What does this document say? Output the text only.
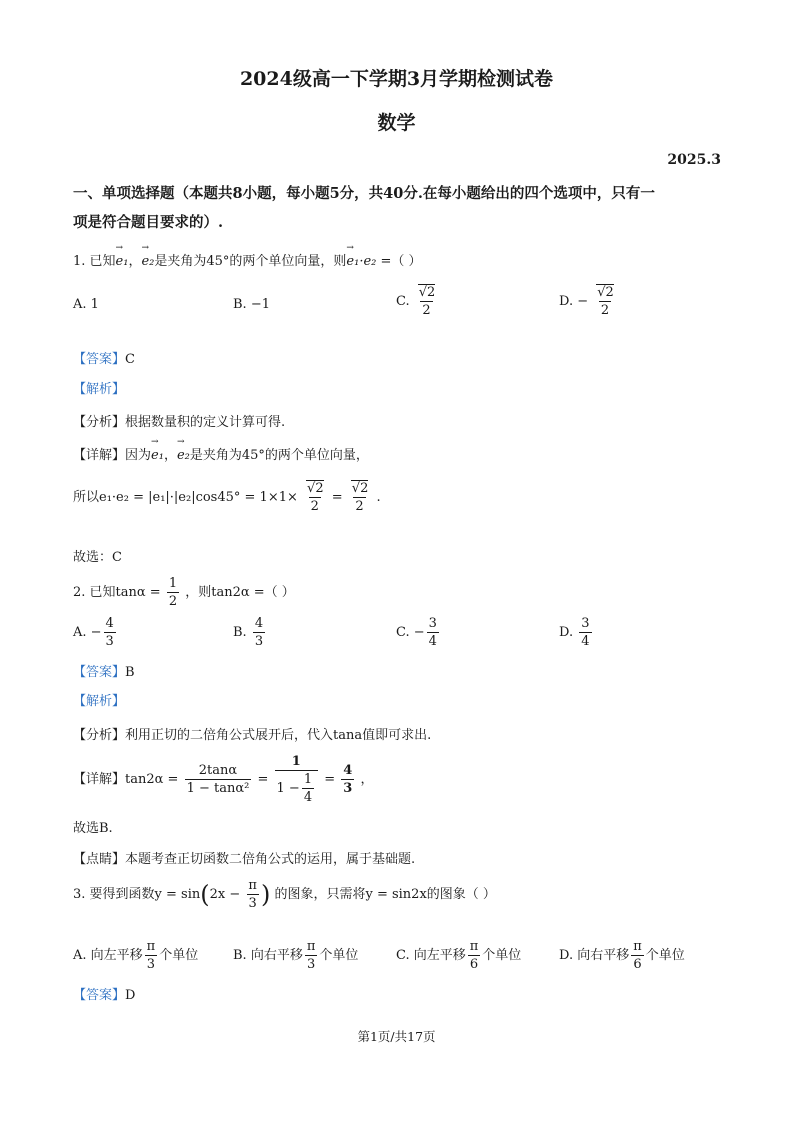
2024级高一下学期3月学期检测试卷
数学
2025.3
一、单项选择题（本题共8小题，每小题5分，共40分.在每小题给出的四个选项中，只有一
项是符合题目要求的）.
1. 已知→ e₁，→ e₂是夹角为45°的两个单位向量，则→ e₁·e₂ =（ ）
A. 1	B. −1	C. $\frac{√2}{2}$	D. − $\frac{√2}{2}$
【答案】C
【解析】
【分析】根据数量积的定义计算可得.
【详解】因为→ e₁，→ e₂是夹角为45°的两个单位向量，
所以$e_1\cdot e_2 = |e_1|\cdot|e_2|\cos 45^\circ = 1\times 1\times \frac{√2}{2} = \frac{√2}{2}$ .
故选：C
2. 已知$\tan\alpha = \frac{1}{2}$ ，则tan2α =（ ）
A. − $\frac{4}{3}$	B. $\frac{4}{3}$	C. − $\frac{3}{4}$	D. $\frac{3}{4}$
【答案】B
【解析】
【分析】利用正切的二倍角公式展开后，代入tana值即可求出.
【详解】$\tan 2\alpha = \frac{2\tan\alpha}{\text{1 − tanα²}} = \frac{1}{1 - \frac{1}{4}} = \frac{4}{3}$ ，
故选B.
【点睛】本题考查正切函数二倍角公式的运用，属于基础题.
3. 要得到函数$y = \sin(2x - \frac{\pi}{3}$ ) 的图象，只需将y = sin2x的图象（ ）
A. 向左平移 $\frac{\pi}{3}$ 个单位	B. 向右平移 $\frac{\pi}{3}$ 个单位	C. 向左平移 $\frac{\pi}{6}$ 个单位	D. 向右平移 $\frac{\pi}{6}$ 个单位
【答案】D
第1页/共17页
